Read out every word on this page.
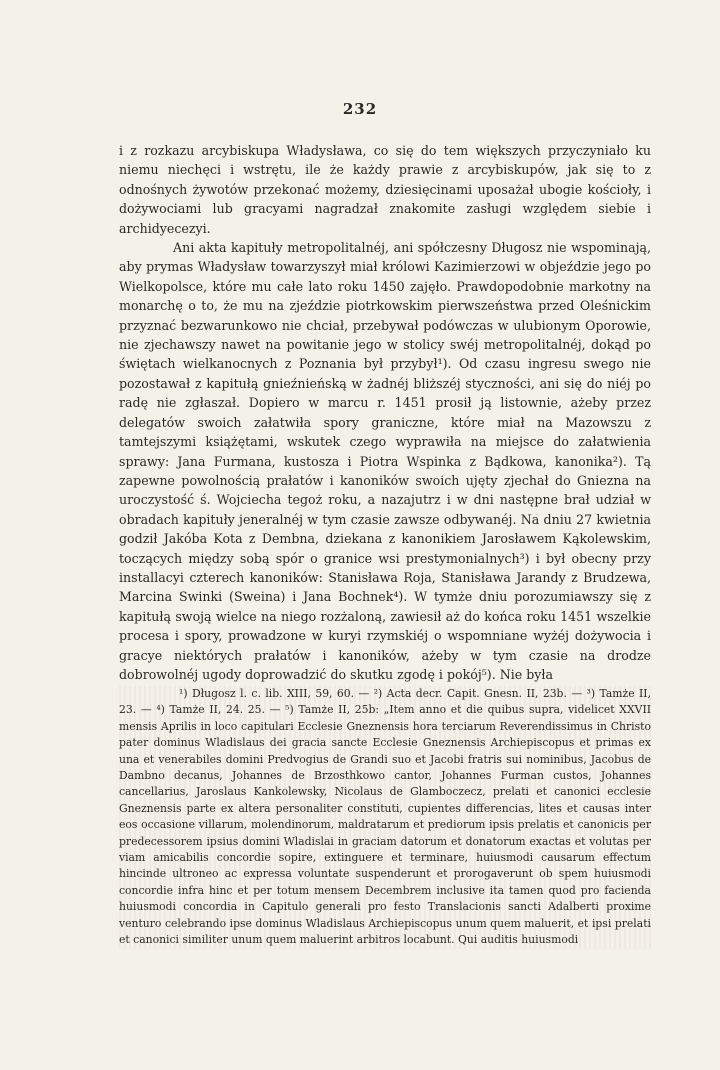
232

i z rozkazu arcybiskupa Władysława, co się do tem większych przyczyniało ku niemu niechęci i wstrętu, ile że każdy prawie z arcybiskupów, jak się to z odnośnych żywotów przekonać możemy, dziesięcinami uposażał ubogie kościoły, i dożywociami lub gracyami nagradzał znakomite zasługi względem siebie i archidyecezyi.

Ani akta kapituły metropolitalnéj, ani spółczesny Długosz nie wspominają, aby prymas Władysław towarzyszył miał królowi Kazimierzowi w objeździe jego po Wielkopolsce, które mu całe lato roku 1450 zajęło. Prawdopodobnie markotny na monarchę o to, że mu na zjeździe piotrkowskim pierwszeństwa przed Oleśnickim przyznać bezwarunkowo nie chciał, przebywał podówczas w ulubionym Oporowie, nie zjechawszy nawet na powitanie jego w stolicy swéj metropolitalnéj, dokąd po świętach wielkanocnych z Poznania był przybył¹). Od czasu ingresu swego nie pozostawał z kapitułą gnieźnieńską w żadnéj bliższéj styczności, ani się do niéj po radę nie zgłaszał. Dopiero w marcu r. 1451 prosił ją listownie, ażeby przez delegatów swoich załatwiła spory graniczne, które miał na Mazowszu z tamtejszymi książętami, wskutek czego wyprawiła na miejsce do załatwienia sprawy: Jana Furmana, kustosza i Piotra Wspinka z Bądkowa, kanonika²). Tą zapewne powolnością prałatów i kanoników swoich ujęty zjechał do Gniezna na uroczystość ś. Wojciecha tegoż roku, a nazajutrz i w dni następne brał udział w obradach kapituły jeneralnéj w tym czasie zawsze odbywanéj. Na dniu 27 kwietnia godził Jakóba Kota z Dembna, dziekana z kanonikiem Jarosławem Kąkolewskim, toczących między sobą spór o granice wsi prestymonialnych³) i był obecny przy installacyi czterech kanoników: Stanisława Roja, Stanisława Jarandy z Brudzewa, Marcina Swinki (Sweina) i Jana Bochnek⁴). W tymże dniu porozumiawszy się z kapitułą swoją wielce na niego rozżaloną, zawiesił aż do końca roku 1451 wszelkie procesa i spory, prowadzone w kuryi rzymskiéj o wspomniane wyżéj dożywocia i gracye niektórych prałatów i kanoników, ażeby w tym czasie na drodze dobrowolnéj ugody doprowadzić do skutku zgodę i pokój⁵). Nie była

¹) Długosz l. c. lib. XIII, 59, 60. — ²) Acta decr. Capit. Gnesn. II, 23b. — ³) Tamże II, 23. — ⁴) Tamże II, 24. 25. — ⁵) Tamże II, 25b: „Item anno et die quibus supra, videlicet XXVII mensis Aprilis in loco capitulari Ecclesie Gneznensis hora terciarum Reverendissimus in Christo pater dominus Wladislaus dei gracia sancte Ecclesie Gneznensis Archiepiscopus et primas ex una et venerabiles domini Predvogius de Grandi suo et Jacobi fratris sui nominibus, Jacobus de Dambno decanus, Johannes de Brzosthkowo cantor, Johannes Furman custos, Johannes cancellarius, Jaroslaus Kankolewsky, Nicolaus de Glamboczecz, prelati et canonici ecclesie Gneznensis parte ex altera personaliter constituti, cupientes differencias, lites et causas inter eos occasione villarum, molendinorum, maldratarum et prediorum ipsis prelatis et canonicis per predecessorem ipsius domini Wladislai in graciam datorum et donatorum exactas et volutas per viam amicabilis concordie sopire, extinguere et terminare, huiusmodi causarum effectum hincinde ultroneo ac expressa voluntate suspenderunt et prorogaverunt ob spem huiusmodi concordie infra hinc et per totum mensem Decembrem inclusive ita tamen quod pro facienda huiusmodi concordia in Capitulo generali pro festo Translacionis sancti Adalberti proxime venturo celebrando ipse dominus Wladislaus Archiepiscopus unum quem maluerit, et ipsi prelati et canonici similiter unum quem maluerint arbitros locabunt. Qui auditis huiusmodi
